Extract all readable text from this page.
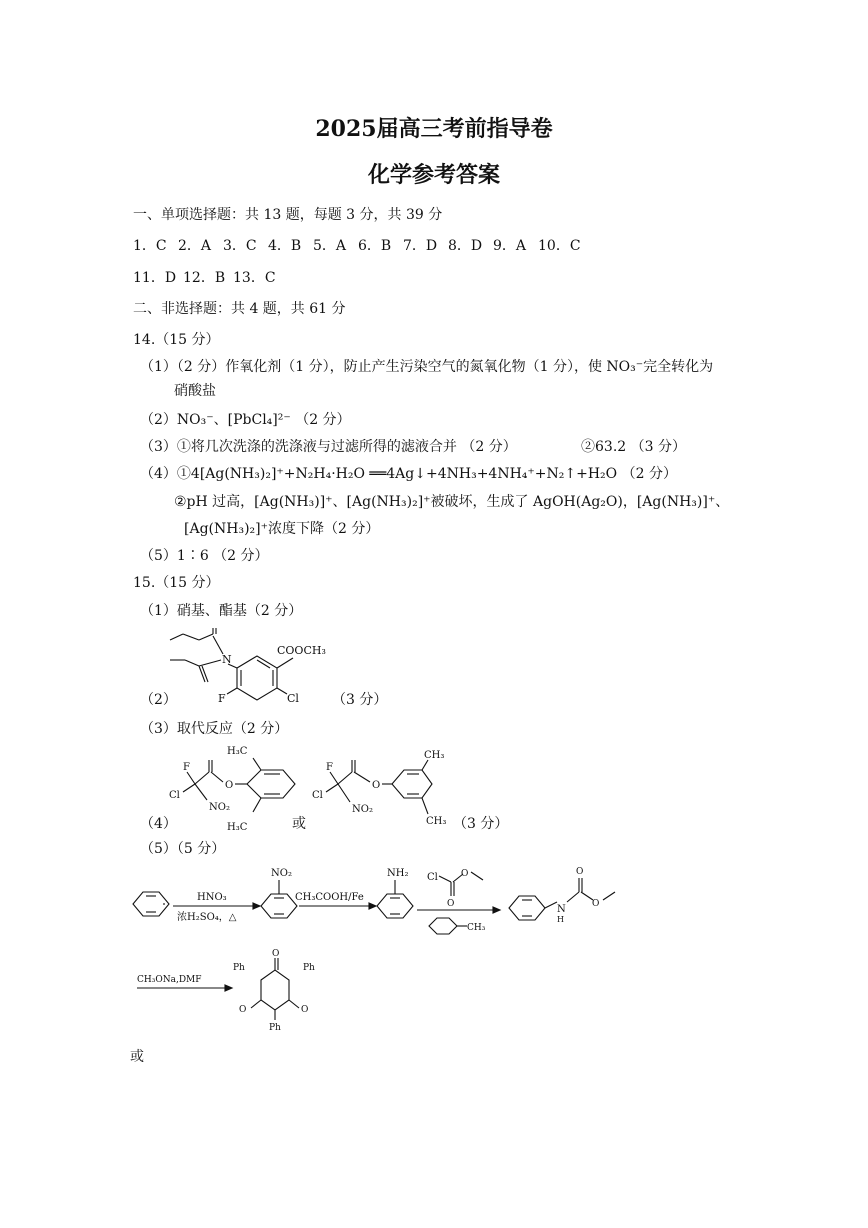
2025届高三考前指导卷
化学参考答案
一、单项选择题：共 13 题，每题 3 分，共 39 分
1．C 2．A 3．C 4．B 5．A 6．B 7．D 8．D 9．A 10．C
11．D 12．B 13．C
二、非选择题：共 4 题，共 61 分
14.（15 分）
（1）（2 分）作氧化剂（1 分），防止产生污染空气的氮氧化物（1 分），使 NO₃⁻完全转化为
硝酸盐
（2）NO₃⁻、[PbCl₄]²⁻ （2 分）
（3）①将几次洗涤的洗涤液与过滤所得的滤液合并 （2 分）	②63.2 （3 分）
（4）①4[Ag(NH₃)₂]⁺+N₂H₄·H₂O ══4Ag↓+4NH₃+4NH₄⁺+N₂↑+H₂O （2 分）
②pH 过高，[Ag(NH₃)]⁺、[Ag(NH₃)₂]⁺被破坏，生成了 AgOH(Ag₂O)，[Ag(NH₃)]⁺、
[Ag(NH₃)₂]⁺浓度下降（2 分）
（5）1∶6 （2 分）
15.（15 分）
（1）硝基、酯基（2 分）
N
COOCH₃
F	Cl
（2）	（3 分）
（3）取代反应（2 分）
H₃C
H₃C
F
Cl
NO₂
O
或
F
Cl
NO₂
O
CH₃
CH₃
（4）	（3 分）
（5）（5 分）
HNO₃
浓H₂SO₄，△
NO₂
CH₃COOH/Fe
NH₂ Cl
O
O
CH₃
N
H
O
O
CH₃ONa,DMF
O
O	O
Ph	Ph
Ph
或
